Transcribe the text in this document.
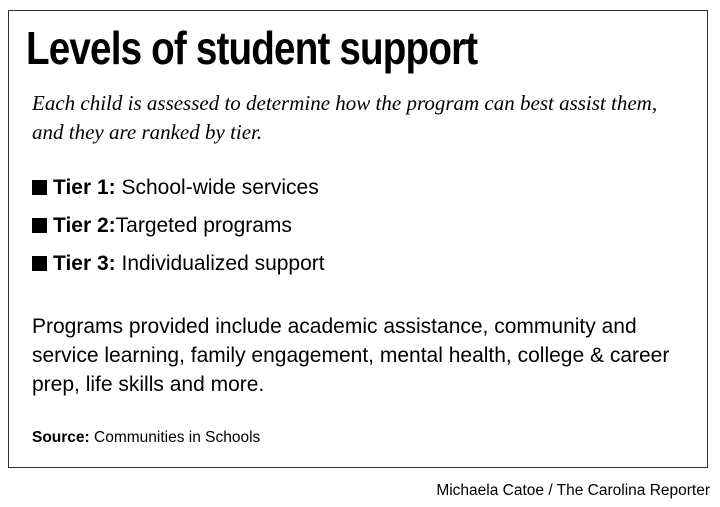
Levels of student support

Each child is assessed to determine how the program can best assist them, and they are ranked by tier.

Tier 1: School-wide services
Tier 2:Targeted programs
Tier 3: Individualized support

Programs provided include academic assistance, community and service learning, family engagement, mental health, college & career prep, life skills and more.

Source: Communities in Schools

Michaela Catoe / The Carolina Reporter
